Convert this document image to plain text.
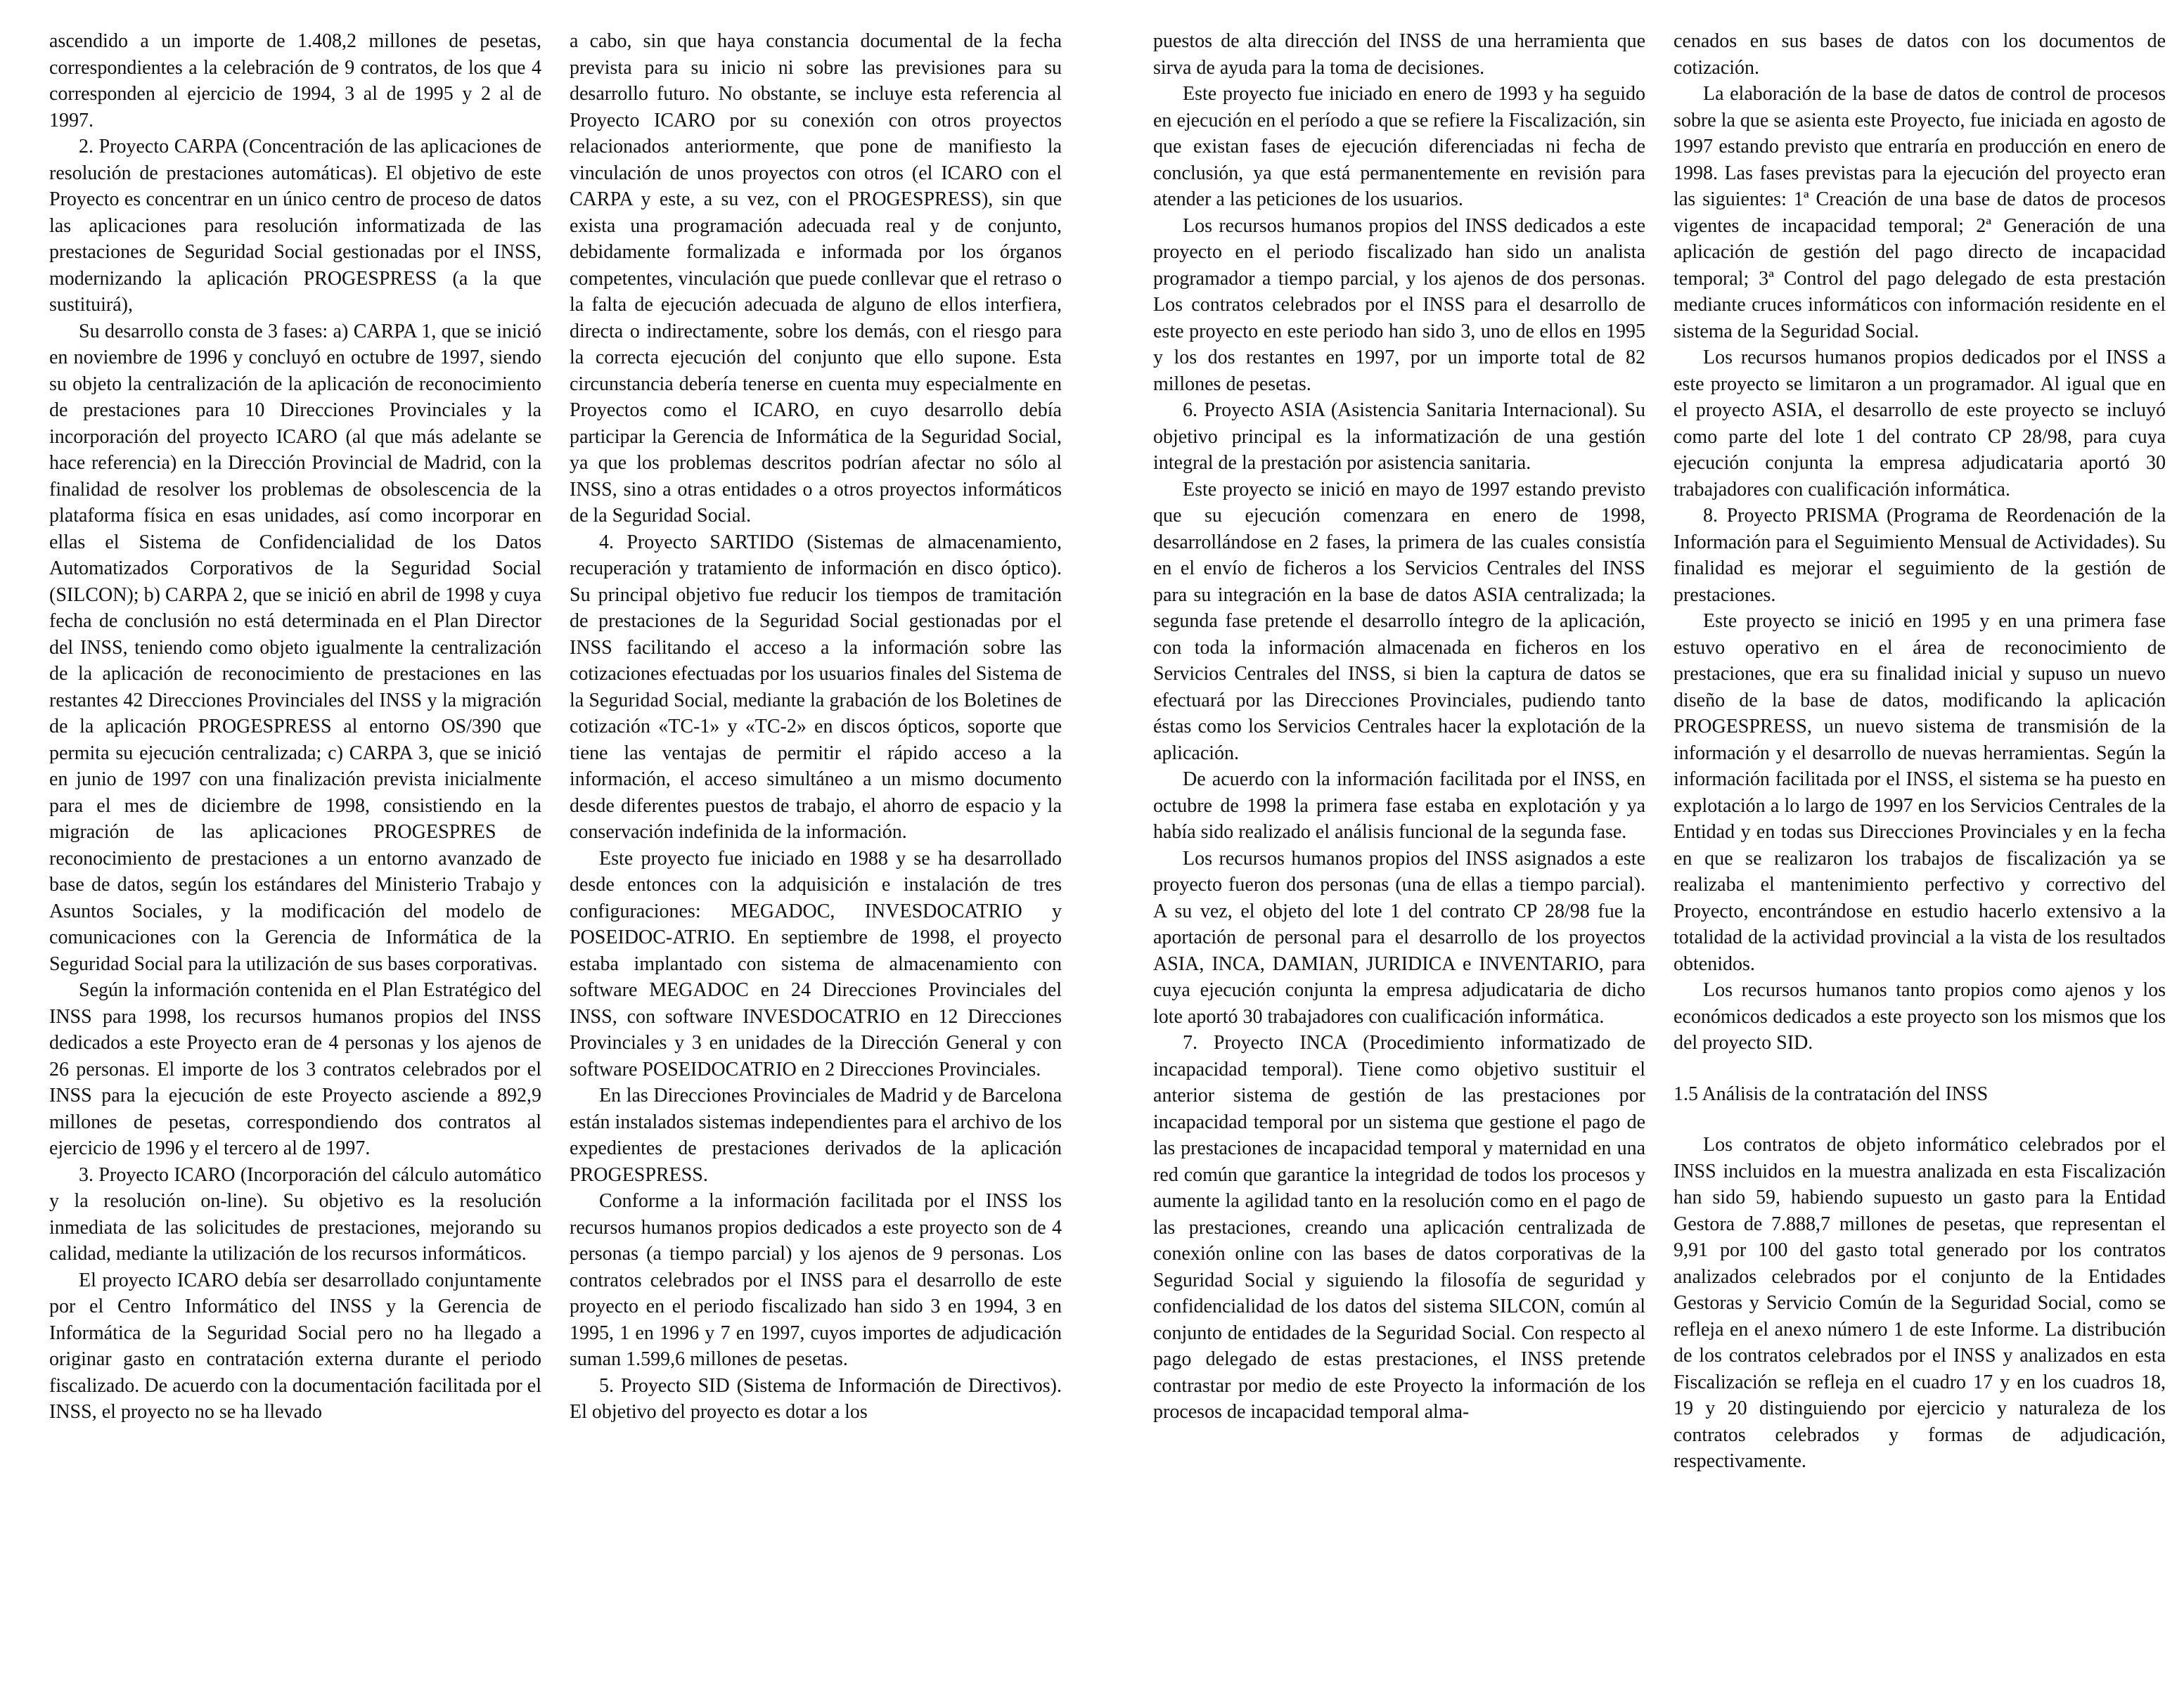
ascendido a un importe de 1.408,2 millones de pesetas, correspondientes a la celebración de 9 contratos, de los que 4 corresponden al ejercicio de 1994, 3 al de 1995 y 2 al de 1997.

2. Proyecto CARPA (Concentración de las aplicaciones de resolución de prestaciones automáticas). El objetivo de este Proyecto es concentrar en un único centro de proceso de datos las aplicaciones para resolución informatizada de las prestaciones de Seguridad Social gestionadas por el INSS, modernizando la aplicación PROGESPRESS (a la que sustituirá),

Su desarrollo consta de 3 fases: a) CARPA 1, que se inició en noviembre de 1996 y concluyó en octubre de 1997, siendo su objeto la centralización de la aplicación de reconocimiento de prestaciones para 10 Direcciones Provinciales y la incorporación del proyecto ICARO (al que más adelante se hace referencia) en la Dirección Provincial de Madrid, con la finalidad de resolver los problemas de obsolescencia de la plataforma física en esas unidades, así como incorporar en ellas el Sistema de Confidencialidad de los Datos Automatizados Corporativos de la Seguridad Social (SILCON); b) CARPA 2, que se inició en abril de 1998 y cuya fecha de conclusión no está determinada en el Plan Director del INSS, teniendo como objeto igualmente la centralización de la aplicación de reconocimiento de prestaciones en las restantes 42 Direcciones Provinciales del INSS y la migración de la aplicación PROGESPRESS al entorno OS/390 que permita su ejecución centralizada; c) CARPA 3, que se inició en junio de 1997 con una finalización prevista inicialmente para el mes de diciembre de 1998, consistiendo en la migración de las aplicaciones PROGESPRES de reconocimiento de prestaciones a un entorno avanzado de base de datos, según los estándares del Ministerio Trabajo y Asuntos Sociales, y la modificación del modelo de comunicaciones con la Gerencia de Informática de la Seguridad Social para la utilización de sus bases corporativas.

Según la información contenida en el Plan Estratégico del INSS para 1998, los recursos humanos propios del INSS dedicados a este Proyecto eran de 4 personas y los ajenos de 26 personas. El importe de los 3 contratos celebrados por el INSS para la ejecución de este Proyecto asciende a 892,9 millones de pesetas, correspondiendo dos contratos al ejercicio de 1996 y el tercero al de 1997.

3. Proyecto ICARO (Incorporación del cálculo automático y la resolución on-line). Su objetivo es la resolución inmediata de las solicitudes de prestaciones, mejorando su calidad, mediante la utilización de los recursos informáticos.

El proyecto ICARO debía ser desarrollado conjuntamente por el Centro Informático del INSS y la Gerencia de Informática de la Seguridad Social pero no ha llegado a originar gasto en contratación externa durante el periodo fiscalizado. De acuerdo con la documentación facilitada por el INSS, el proyecto no se ha llevado

a cabo, sin que haya constancia documental de la fecha prevista para su inicio ni sobre las previsiones para su desarrollo futuro. No obstante, se incluye esta referencia al Proyecto ICARO por su conexión con otros proyectos relacionados anteriormente, que pone de manifiesto la vinculación de unos proyectos con otros (el ICARO con el CARPA y este, a su vez, con el PROGESPRESS), sin que exista una programación adecuada real y de conjunto, debidamente formalizada e informada por los órganos competentes, vinculación que puede conllevar que el retraso o la falta de ejecución adecuada de alguno de ellos interfiera, directa o indirectamente, sobre los demás, con el riesgo para la correcta ejecución del conjunto que ello supone. Esta circunstancia debería tenerse en cuenta muy especialmente en Proyectos como el ICARO, en cuyo desarrollo debía participar la Gerencia de Informática de la Seguridad Social, ya que los problemas descritos podrían afectar no sólo al INSS, sino a otras entidades o a otros proyectos informáticos de la Seguridad Social.

4. Proyecto SARTIDO (Sistemas de almacenamiento, recuperación y tratamiento de información en disco óptico). Su principal objetivo fue reducir los tiempos de tramitación de prestaciones de la Seguridad Social gestionadas por el INSS facilitando el acceso a la información sobre las cotizaciones efectuadas por los usuarios finales del Sistema de la Seguridad Social, mediante la grabación de los Boletines de cotización «TC-1» y «TC-2» en discos ópticos, soporte que tiene las ventajas de permitir el rápido acceso a la información, el acceso simultáneo a un mismo documento desde diferentes puestos de trabajo, el ahorro de espacio y la conservación indefinida de la información.

Este proyecto fue iniciado en 1988 y se ha desarrollado desde entonces con la adquisición e instalación de tres configuraciones: MEGADOC, INVESDOCATRIO y POSEIDOC-ATRIO. En septiembre de 1998, el proyecto estaba implantado con sistema de almacenamiento con software MEGADOC en 24 Direcciones Provinciales del INSS, con software INVESDOCATRIO en 12 Direcciones Provinciales y 3 en unidades de la Dirección General y con software POSEIDOCATRIO en 2 Direcciones Provinciales.

En las Direcciones Provinciales de Madrid y de Barcelona están instalados sistemas independientes para el archivo de los expedientes de prestaciones derivados de la aplicación PROGESPRESS.

Conforme a la información facilitada por el INSS los recursos humanos propios dedicados a este proyecto son de 4 personas (a tiempo parcial) y los ajenos de 9 personas. Los contratos celebrados por el INSS para el desarrollo de este proyecto en el periodo fiscalizado han sido 3 en 1994, 3 en 1995, 1 en 1996 y 7 en 1997, cuyos importes de adjudicación suman 1.599,6 millones de pesetas.

5. Proyecto SID (Sistema de Información de Directivos). El objetivo del proyecto es dotar a los

puestos de alta dirección del INSS de una herramienta que sirva de ayuda para la toma de decisiones.

Este proyecto fue iniciado en enero de 1993 y ha seguido en ejecución en el período a que se refiere la Fiscalización, sin que existan fases de ejecución diferenciadas ni fecha de conclusión, ya que está permanentemente en revisión para atender a las peticiones de los usuarios.

Los recursos humanos propios del INSS dedicados a este proyecto en el periodo fiscalizado han sido un analista programador a tiempo parcial, y los ajenos de dos personas. Los contratos celebrados por el INSS para el desarrollo de este proyecto en este periodo han sido 3, uno de ellos en 1995 y los dos restantes en 1997, por un importe total de 82 millones de pesetas.

6. Proyecto ASIA (Asistencia Sanitaria Internacional). Su objetivo principal es la informatización de una gestión integral de la prestación por asistencia sanitaria.

Este proyecto se inició en mayo de 1997 estando previsto que su ejecución comenzara en enero de 1998, desarrollándose en 2 fases, la primera de las cuales consistía en el envío de ficheros a los Servicios Centrales del INSS para su integración en la base de datos ASIA centralizada; la segunda fase pretende el desarrollo íntegro de la aplicación, con toda la información almacenada en ficheros en los Servicios Centrales del INSS, si bien la captura de datos se efectuará por las Direcciones Provinciales, pudiendo tanto éstas como los Servicios Centrales hacer la explotación de la aplicación.

De acuerdo con la información facilitada por el INSS, en octubre de 1998 la primera fase estaba en explotación y ya había sido realizado el análisis funcional de la segunda fase.

Los recursos humanos propios del INSS asignados a este proyecto fueron dos personas (una de ellas a tiempo parcial). A su vez, el objeto del lote 1 del contrato CP 28/98 fue la aportación de personal para el desarrollo de los proyectos ASIA, INCA, DAMIAN, JURIDICA e INVENTARIO, para cuya ejecución conjunta la empresa adjudicataria de dicho lote aportó 30 trabajadores con cualificación informática.

7. Proyecto INCA (Procedimiento informatizado de incapacidad temporal). Tiene como objetivo sustituir el anterior sistema de gestión de las prestaciones por incapacidad temporal por un sistema que gestione el pago de las prestaciones de incapacidad temporal y maternidad en una red común que garantice la integridad de todos los procesos y aumente la agilidad tanto en la resolución como en el pago de las prestaciones, creando una aplicación centralizada de conexión online con las bases de datos corporativas de la Seguridad Social y siguiendo la filosofía de seguridad y confidencialidad de los datos del sistema SILCON, común al conjunto de entidades de la Seguridad Social. Con respecto al pago delegado de estas prestaciones, el INSS pretende contrastar por medio de este Proyecto la información de los procesos de incapacidad temporal alma-

cenados en sus bases de datos con los documentos de cotización.

La elaboración de la base de datos de control de procesos sobre la que se asienta este Proyecto, fue iniciada en agosto de 1997 estando previsto que entraría en producción en enero de 1998. Las fases previstas para la ejecución del proyecto eran las siguientes: 1ª Creación de una base de datos de procesos vigentes de incapacidad temporal; 2ª Generación de una aplicación de gestión del pago directo de incapacidad temporal; 3ª Control del pago delegado de esta prestación mediante cruces informáticos con información residente en el sistema de la Seguridad Social.

Los recursos humanos propios dedicados por el INSS a este proyecto se limitaron a un programador. Al igual que en el proyecto ASIA, el desarrollo de este proyecto se incluyó como parte del lote 1 del contrato CP 28/98, para cuya ejecución conjunta la empresa adjudicataria aportó 30 trabajadores con cualificación informática.

8. Proyecto PRISMA (Programa de Reordenación de la Información para el Seguimiento Mensual de Actividades). Su finalidad es mejorar el seguimiento de la gestión de prestaciones.

Este proyecto se inició en 1995 y en una primera fase estuvo operativo en el área de reconocimiento de prestaciones, que era su finalidad inicial y supuso un nuevo diseño de la base de datos, modificando la aplicación PROGESPRESS, un nuevo sistema de transmisión de la información y el desarrollo de nuevas herramientas. Según la información facilitada por el INSS, el sistema se ha puesto en explotación a lo largo de 1997 en los Servicios Centrales de la Entidad y en todas sus Direcciones Provinciales y en la fecha en que se realizaron los trabajos de fiscalización ya se realizaba el mantenimiento perfectivo y correctivo del Proyecto, encontrándose en estudio hacerlo extensivo a la totalidad de la actividad provincial a la vista de los resultados obtenidos.

Los recursos humanos tanto propios como ajenos y los económicos dedicados a este proyecto son los mismos que los del proyecto SID.

1.5 Análisis de la contratación del INSS

Los contratos de objeto informático celebrados por el INSS incluidos en la muestra analizada en esta Fiscalización han sido 59, habiendo supuesto un gasto para la Entidad Gestora de 7.888,7 millones de pesetas, que representan el 9,91 por 100 del gasto total generado por los contratos analizados celebrados por el conjunto de la Entidades Gestoras y Servicio Común de la Seguridad Social, como se refleja en el anexo número 1 de este Informe. La distribución de los contratos celebrados por el INSS y analizados en esta Fiscalización se refleja en el cuadro 17 y en los cuadros 18, 19 y 20 distinguiendo por ejercicio y naturaleza de los contratos celebrados y formas de adjudicación, respectivamente.
